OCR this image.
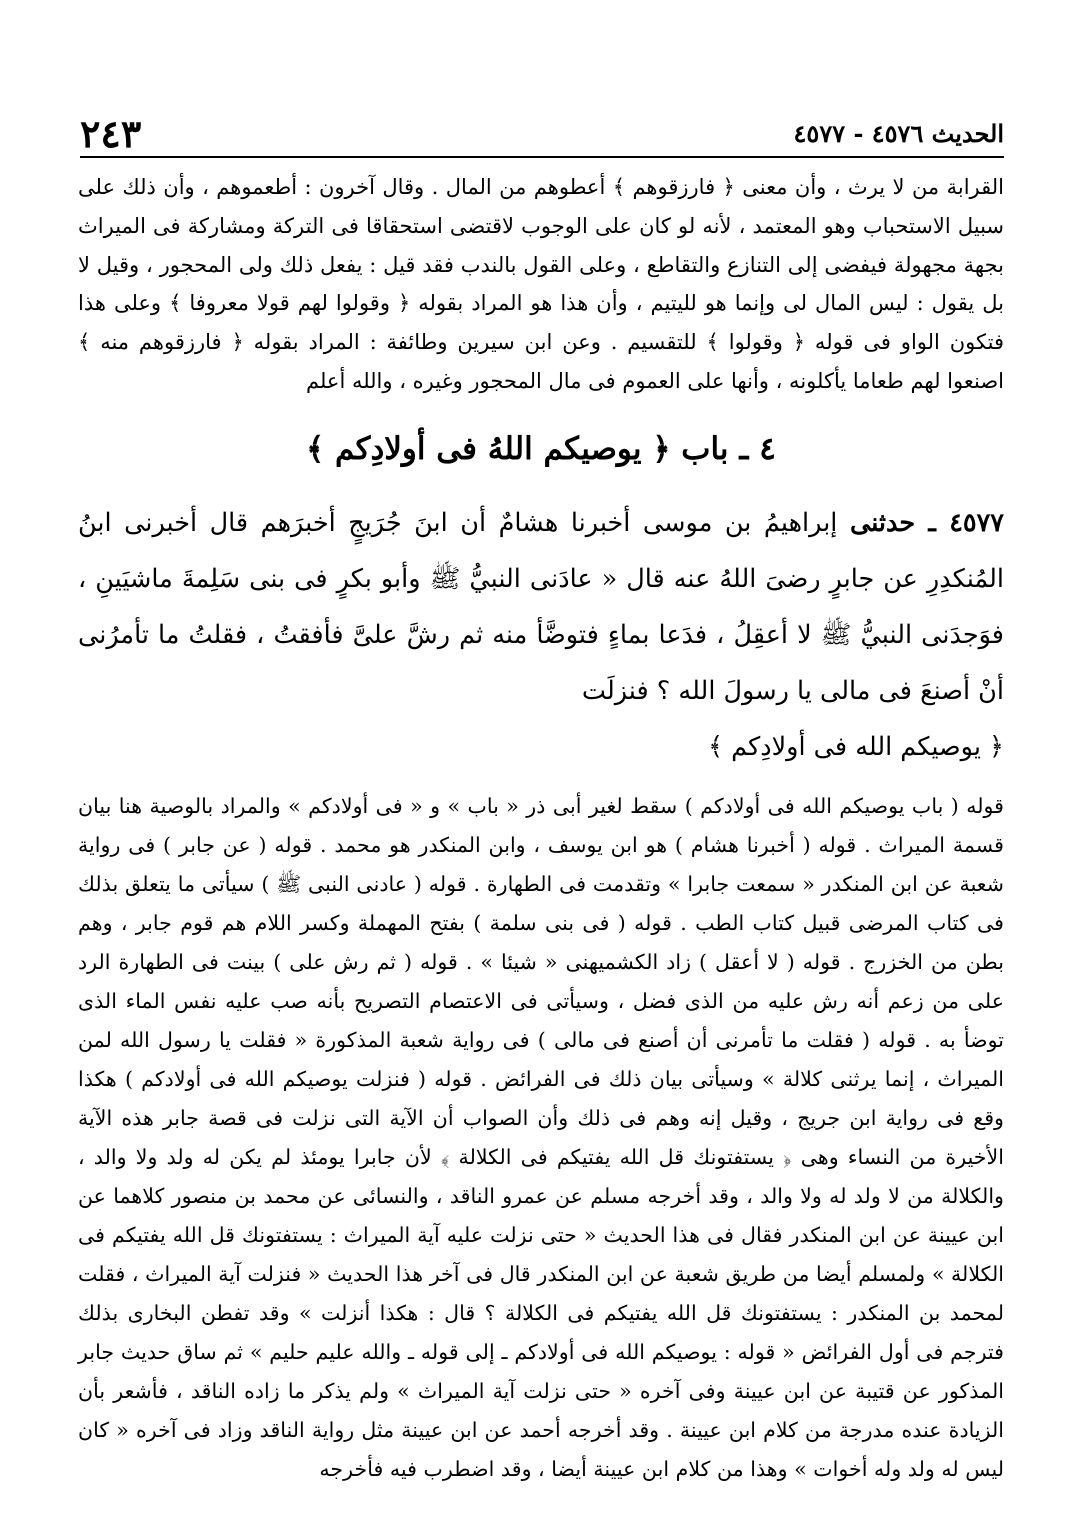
٢٤٣	الحديث ٤٥٧٦ - ٤٥٧٧

القرابة من لا يرث ، وأن معنى ﴿ فارزقوهم ﴾ أعطوهم من المال . وقال آخرون : أطعموهم ، وأن ذلك على سبيل الاستحباب وهو المعتمد ، لأنه لو كان على الوجوب لاقتضى استحقاقا فى التركة ومشاركة فى الميراث بجهة مجهولة فيفضى إلى التنازع والتقاطع ، وعلى القول بالندب فقد قيل : يفعل ذلك ولى المحجور ، وقيل لا بل يقول : ليس المال لى وإنما هو لليتيم ، وأن هذا هو المراد بقوله ﴿ وقولوا لهم قولا معروفا ﴾ وعلى هذا فتكون الواو فى قوله ﴿ وقولوا ﴾ للتقسيم . وعن ابن سيرين وطائفة : المراد بقوله ﴿ فارزقوهم منه ﴾ اصنعوا لهم طعاما يأكلونه ، وأنها على العموم فى مال المحجور وغيره ، والله أعلم

٤ ـ باب ﴿ يوصيكم اللهُ فى أولادِكم ﴾

٤٥٧٧ ـ حدثنى إبراهيمُ بن موسى أخبرنا هشامٌ أن ابنَ جُرَيجٍ أخبرَهم قال أخبرنى ابنُ المُنكدِرِ عن جابرٍ رضىَ اللهُ عنه قال « عادَنى النبيُّ ﷺ وأبو بكرٍ فى بنى سَلِمةَ ماشيَينِ ، فوَجدَنى النبيُّ ﷺ لا أعقِلُ ، فدَعا بماءٍ فتوضَّأ منه ثم رشَّ علىَّ فأفقتُ ، فقلتُ ما تأمرُنى أنْ أصنعَ فى مالى يا رسولَ الله ؟ فنزلَت

﴿ يوصيكم الله فى أولادِكم ﴾

قوله ( باب يوصيكم الله فى أولادكم ) سقط لغير أبى ذر « باب » و « فى أولادكم » والمراد بالوصية هنا بيان قسمة الميراث . قوله ( أخبرنا هشام ) هو ابن يوسف ، وابن المنكدر هو محمد . قوله ( عن جابر ) فى رواية شعبة عن ابن المنكدر « سمعت جابرا » وتقدمت فى الطهارة . قوله ( عادنى النبى ﷺ ) سيأتى ما يتعلق بذلك فى كتاب المرضى قبيل كتاب الطب . قوله ( فى بنى سلمة ) بفتح المهملة وكسر اللام هم قوم جابر ، وهم بطن من الخزرج . قوله ( لا أعقل ) زاد الكشميهنى « شيئا » . قوله ( ثم رش على ) بينت فى الطهارة الرد على من زعم أنه رش عليه من الذى فضل ، وسيأتى فى الاعتصام التصريح بأنه صب عليه نفس الماء الذى توضأ به . قوله ( فقلت ما تأمرنى أن أصنع فى مالى ) فى رواية شعبة المذكورة « فقلت يا رسول الله لمن الميراث ، إنما يرثنى كلالة » وسيأتى بيان ذلك فى الفرائض . قوله ( فنزلت يوصيكم الله فى أولادكم ) هكذا وقع فى رواية ابن جريج ، وقيل إنه وهم فى ذلك وأن الصواب أن الآية التى نزلت فى قصة جابر هذه الآية الأخيرة من النساء وهى ﴿ يستفتونك قل الله يفتيكم فى الكلالة ﴾ لأن جابرا يومئذ لم يكن له ولد ولا والد ، والكلالة من لا ولد له ولا والد ، وقد أخرجه مسلم عن عمرو الناقد ، والنسائى عن محمد بن منصور كلاهما عن ابن عيينة عن ابن المنكدر فقال فى هذا الحديث « حتى نزلت عليه آية الميراث : يستفتونك قل الله يفتيكم فى الكلالة » ولمسلم أيضا من طريق شعبة عن ابن المنكدر قال فى آخر هذا الحديث « فنزلت آية الميراث ، فقلت لمحمد بن المنكدر : يستفتونك قل الله يفتيكم فى الكلالة ؟ قال : هكذا أنزلت » وقد تفطن البخارى بذلك فترجم فى أول الفرائض « قوله : يوصيكم الله فى أولادكم ـ إلى قوله ـ والله عليم حليم » ثم ساق حديث جابر المذكور عن قتيبة عن ابن عيينة وفى آخره « حتى نزلت آية الميراث » ولم يذكر ما زاده الناقد ، فأشعر بأن الزيادة عنده مدرجة من كلام ابن عيينة . وقد أخرجه أحمد عن ابن عيينة مثل رواية الناقد وزاد فى آخره « كان ليس له ولد وله أخوات » وهذا من كلام ابن عيينة أيضا ، وقد اضطرب فيه فأخرجه
